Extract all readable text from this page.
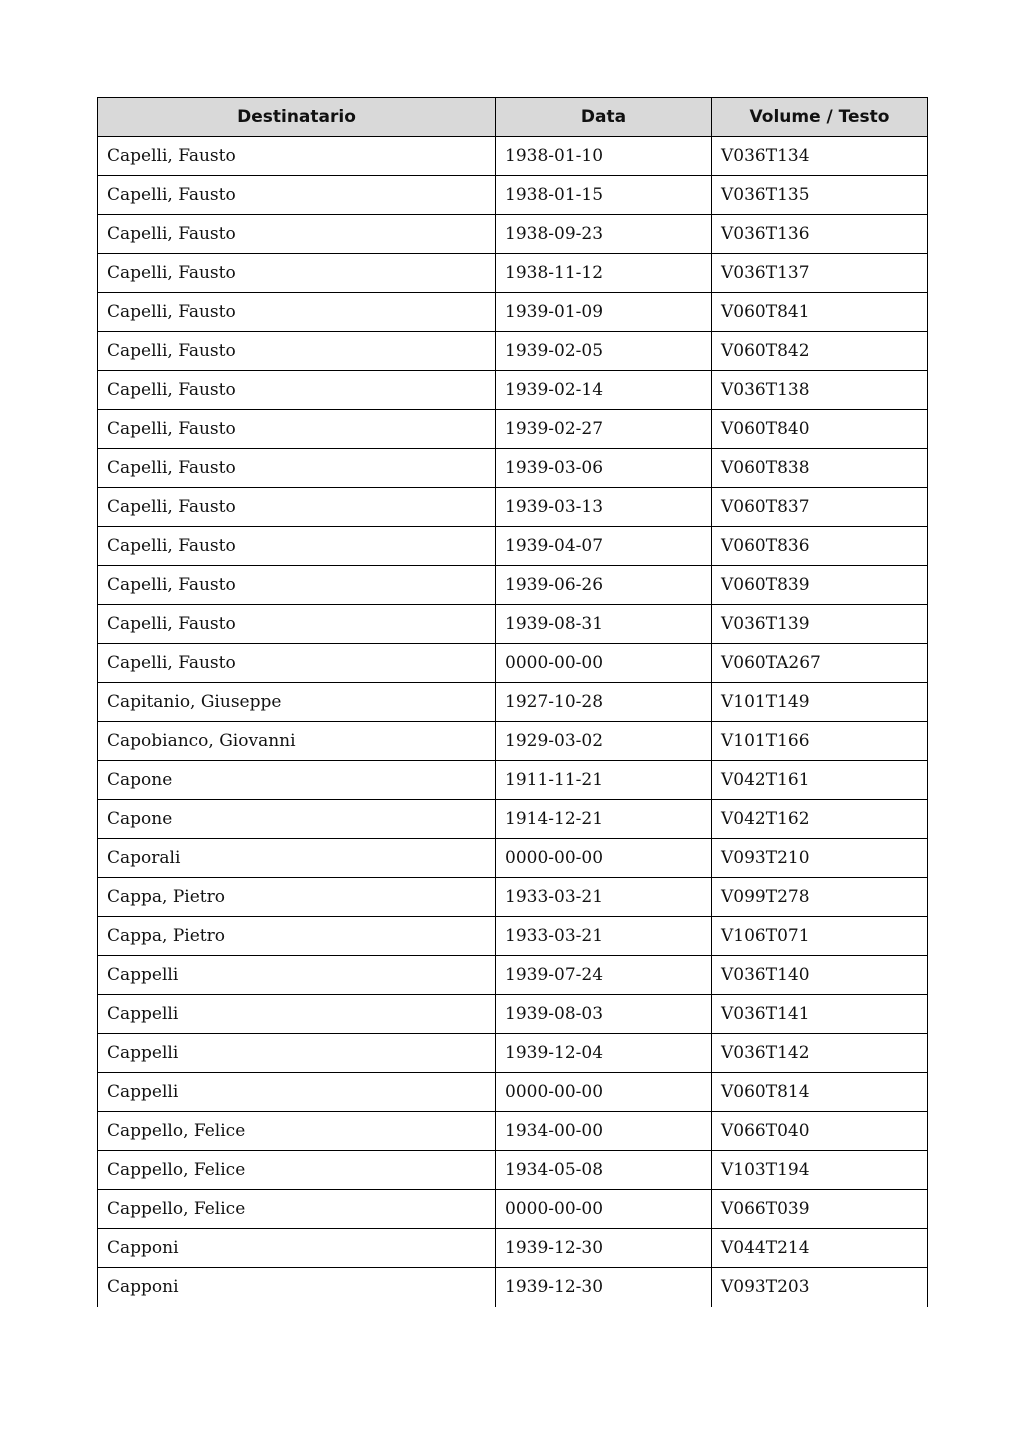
Destinatario	Data	Volume / Testo
Capelli, Fausto	1938-01-10	V036T134
Capelli, Fausto	1938-01-15	V036T135
Capelli, Fausto	1938-09-23	V036T136
Capelli, Fausto	1938-11-12	V036T137
Capelli, Fausto	1939-01-09	V060T841
Capelli, Fausto	1939-02-05	V060T842
Capelli, Fausto	1939-02-14	V036T138
Capelli, Fausto	1939-02-27	V060T840
Capelli, Fausto	1939-03-06	V060T838
Capelli, Fausto	1939-03-13	V060T837
Capelli, Fausto	1939-04-07	V060T836
Capelli, Fausto	1939-06-26	V060T839
Capelli, Fausto	1939-08-31	V036T139
Capelli, Fausto	0000-00-00	V060TA267
Capitanio, Giuseppe	1927-10-28	V101T149
Capobianco, Giovanni	1929-03-02	V101T166
Capone	1911-11-21	V042T161
Capone	1914-12-21	V042T162
Caporali	0000-00-00	V093T210
Cappa, Pietro	1933-03-21	V099T278
Cappa, Pietro	1933-03-21	V106T071
Cappelli	1939-07-24	V036T140
Cappelli	1939-08-03	V036T141
Cappelli	1939-12-04	V036T142
Cappelli	0000-00-00	V060T814
Cappello, Felice	1934-00-00	V066T040
Cappello, Felice	1934-05-08	V103T194
Cappello, Felice	0000-00-00	V066T039
Capponi	1939-12-30	V044T214
Capponi	1939-12-30	V093T203
